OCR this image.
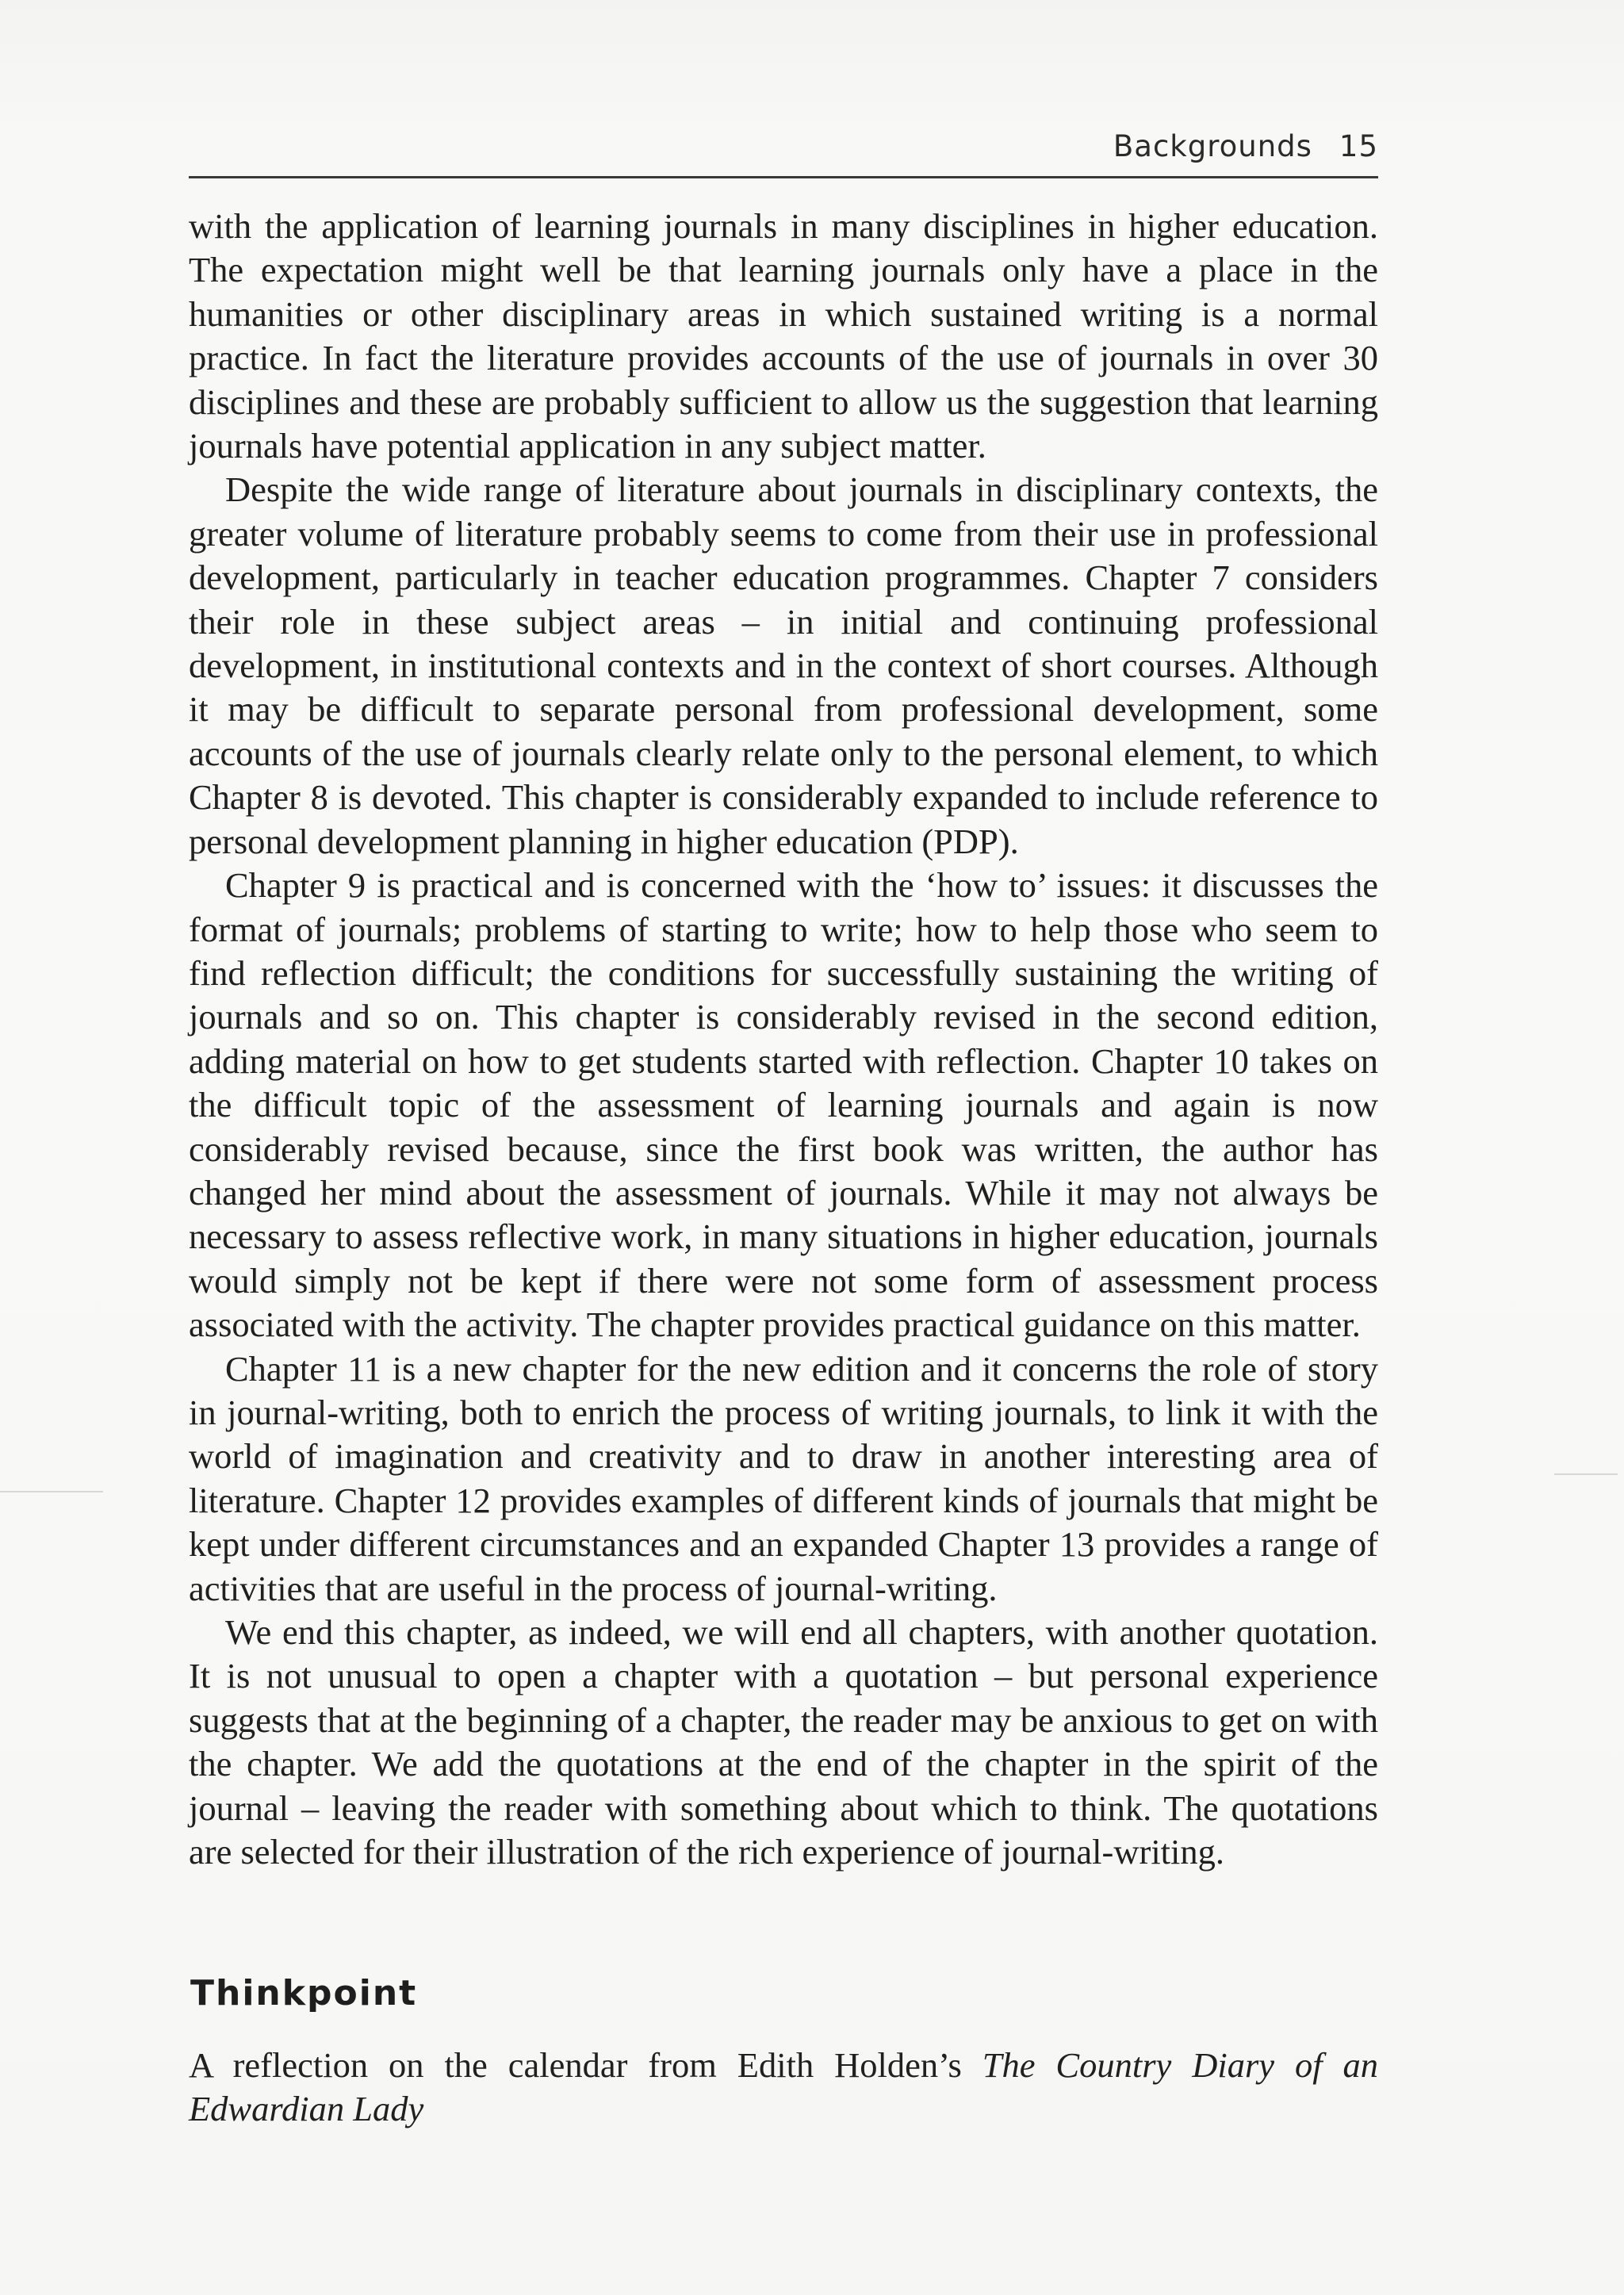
Backgrounds 15

with the application of learning journals in many disciplines in higher education. The expectation might well be that learning journals only have a place in the humanities or other disciplinary areas in which sustained writing is a normal practice. In fact the literature provides accounts of the use of journals in over 30 disciplines and these are probably sufficient to allow us the suggestion that learning journals have potential application in any subject matter.

Despite the wide range of literature about journals in disciplinary contexts, the greater volume of literature probably seems to come from their use in professional development, particularly in teacher education programmes. Chapter 7 considers their role in these subject areas – in initial and continuing professional development, in institutional contexts and in the context of short courses. Although it may be difficult to separate personal from professional development, some accounts of the use of journals clearly relate only to the personal element, to which Chapter 8 is devoted. This chapter is considerably expanded to include reference to personal development planning in higher education (PDP).

Chapter 9 is practical and is concerned with the ‘how to’ issues: it discusses the format of journals; problems of starting to write; how to help those who seem to find reflection difficult; the conditions for successfully sustaining the writing of journals and so on. This chapter is considerably revised in the second edition, adding material on how to get students started with reflection. Chapter 10 takes on the difficult topic of the assessment of learning journals and again is now considerably revised because, since the first book was written, the author has changed her mind about the assessment of journals. While it may not always be necessary to assess reflective work, in many situations in higher education, journals would simply not be kept if there were not some form of assessment process associated with the activity. The chapter provides practical guidance on this matter.

Chapter 11 is a new chapter for the new edition and it concerns the role of story in journal-writing, both to enrich the process of writing journals, to link it with the world of imagination and creativity and to draw in another interesting area of literature. Chapter 12 provides examples of different kinds of journals that might be kept under different circumstances and an expanded Chapter 13 provides a range of activities that are useful in the process of journal-writing.

We end this chapter, as indeed, we will end all chapters, with another quotation. It is not unusual to open a chapter with a quotation – but personal experience suggests that at the beginning of a chapter, the reader may be anxious to get on with the chapter. We add the quotations at the end of the chapter in the spirit of the journal – leaving the reader with something about which to think. The quotations are selected for their illustration of the rich experience of journal-writing.

Thinkpoint

A reflection on the calendar from Edith Holden’s The Country Diary of an Edwardian Lady
